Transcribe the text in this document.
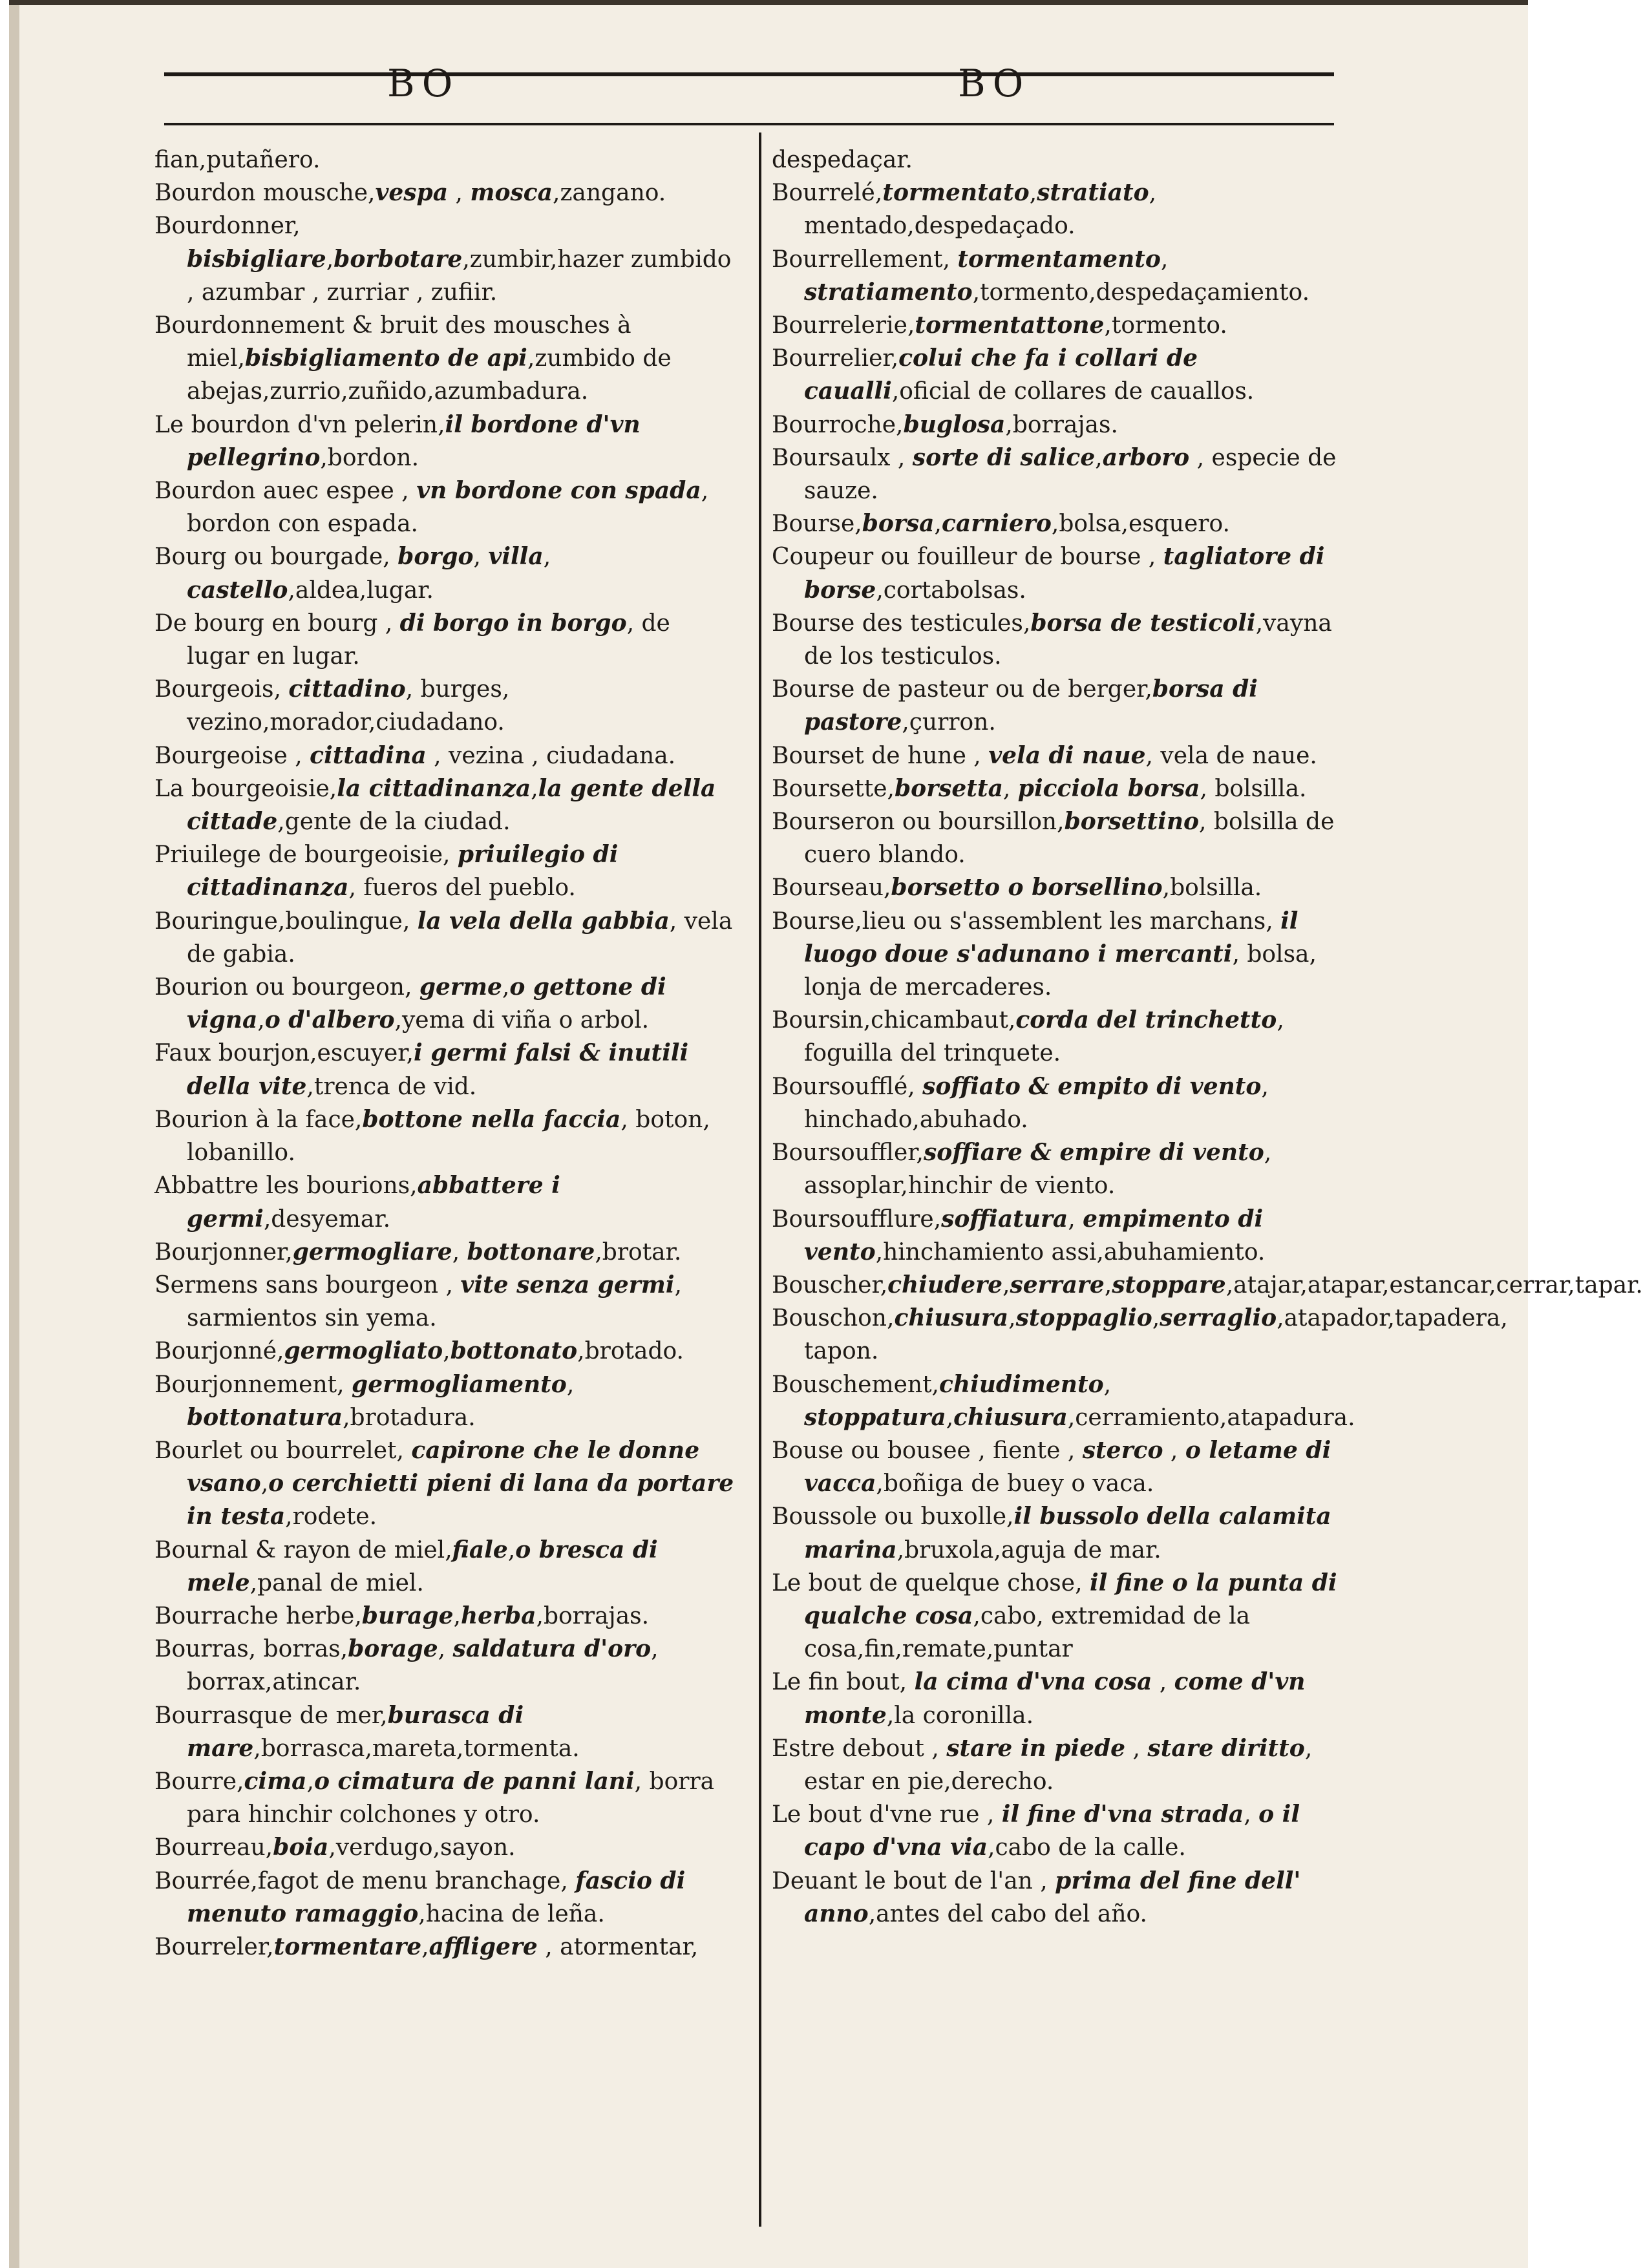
BO	BO
fian,putañero.
Bourdon mousche,vespa , mosca,zangano.
Bourdonner, bisbigliare,borbotare,zumbir,hazer zumbido , azumbar , zurriar , zufiir.
Bourdonnement & bruit des mousches à miel,bisbigliamento de api,zumbido de abejas,zurrio,zuñido,azumbadura.
Le bourdon d'vn pelerin,il bordone d'vn pellegrino,bordon.
Bourdon auec espee , vn bordone con spada, bordon con espada.
Bourg ou bourgade, borgo, villa, castello,aldea,lugar.
De bourg en bourg , di borgo in borgo, de lugar en lugar.
Bourgeois, cittadino, burges, vezino,morador,ciudadano.
Bourgeoise , cittadina , vezina , ciudadana.
La bourgeoisie,la cittadinanza,la gente della cittade,gente de la ciudad.
Priuilege de bourgeoisie, priuilegio di cittadinanza, fueros del pueblo.
Bouringue,boulingue, la vela della gabbia, vela de gabia.
Bourion ou bourgeon, germe,o gettone di vigna,o d'albero,yema di viña o arbol.
Faux bourjon,escuyer,i germi falsi & inutili della vite,trenca de vid.
Bourion à la face,bottone nella faccia, boton, lobanillo.
Abbattre les bourions,abbattere i germi,desyemar.
Bourjonner,germogliare, bottonare,brotar.
Sermens sans bourgeon , vite senza germi, sarmientos sin yema.
Bourjonné,germogliato,bottonato,brotado.
Bourjonnement, germogliamento, bottonatura,brotadura.
Bourlet ou bourrelet, capirone che le donne vsano,o cerchietti pieni di lana da portare in testa,rodete.
Bournal & rayon de miel,fiale,o bresca di mele,panal de miel.
Bourrache herbe,burage,herba,borrajas.
Bourras, borras,borage, saldatura d'oro, borrax,atincar.
Bourrasque de mer,burasca di mare,borrasca,mareta,tormenta.
Bourre,cima,o cimatura de panni lani, borra para hinchir colchones y otro.
Bourreau,boia,verdugo,sayon.
Bourrée,fagot de menu branchage, fascio di menuto ramaggio,hacina de leña.
Bourreler,tormentare,affligere , atormentar,
despedaçar.
Bourrelé,tormentato,stratiato, mentado,despedaçado.
Bourrellement, tormentamento, stratiamento,tormento,despedaçamiento.
Bourrelerie,tormentattone,tormento.
Bourrelier,colui che fa i collari de caualli,oficial de collares de cauallos.
Bourroche,buglosa,borrajas.
Boursaulx , sorte di salice,arboro , especie de sauze.
Bourse,borsa,carniero,bolsa,esquero.
Coupeur ou fouilleur de bourse , tagliatore di borse,cortabolsas.
Bourse des testicules,borsa de testicoli,vayna de los testiculos.
Bourse de pasteur ou de berger,borsa di pastore,çurron.
Bourset de hune , vela di naue, vela de naue.
Boursette,borsetta, picciola borsa, bolsilla.
Bourseron ou boursillon,borsettino, bolsilla de cuero blando.
Bourseau,borsetto o borsellino,bolsilla.
Bourse,lieu ou s'assemblent les marchans, il luogo doue s'adunano i mercanti, bolsa, lonja de mercaderes.
Boursin,chicambaut,corda del trinchetto, foguilla del trinquete.
Boursoufflé, soffiato & empito di vento, hinchado,abuhado.
Boursouffler,soffiare & empire di vento, assoplar,hinchir de viento.
Boursoufflure,soffiatura, empimento di vento,hinchamiento assi,abuhamiento.
Bouscher,chiudere,serrare,stoppare,atajar,atapar,estancar,cerrar,tapar.
Bouschon,chiusura,stoppaglio,serraglio,atapador,tapadera, tapon.
Bouschement,chiudimento, stoppatura,chiusura,cerramiento,atapadura.
Bouse ou bousee , fiente , sterco , o letame di vacca,boñiga de buey o vaca.
Boussole ou buxolle,il bussolo della calamita marina,bruxola,aguja de mar.
Le bout de quelque chose, il fine o la punta di qualche cosa,cabo, extremidad de la cosa,fin,remate,puntar
Le fin bout, la cima d'vna cosa , come d'vn monte,la coronilla.
Estre debout , stare in piede , stare diritto, estar en pie,derecho.
Le bout d'vne rue , il fine d'vna strada, o il capo d'vna via,cabo de la calle.
Deuant le bout de l'an , prima del fine dell' anno,antes del cabo del año.
